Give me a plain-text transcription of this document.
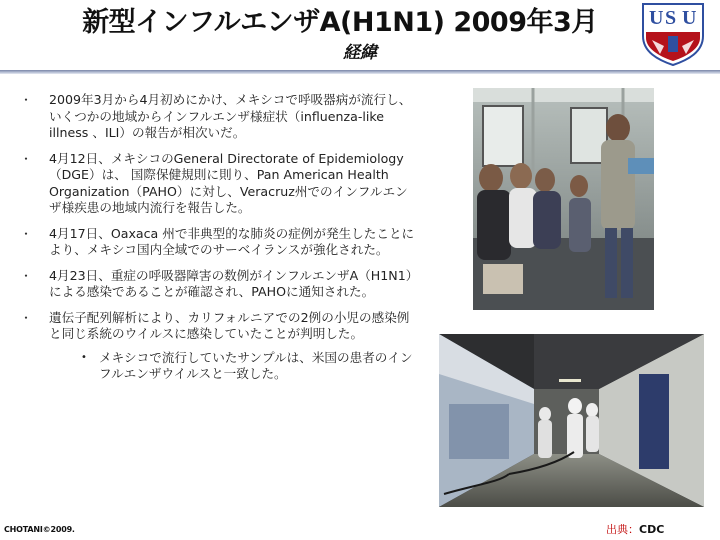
新型インフルエンザA(H1N1) 2009年3月
経緯
U S U
・ 2009年3月から4月初めにかけ、メキシコで呼吸器病が流行し、いくつかの地域からインフルエンザ様症状（influenza-like illness 、ILI）の報告が相次いだ。
・ 4月12日、メキシコのGeneral Directorate of Epidemiology（DGE）は、 国際保健規則に則り、Pan American Health Organization（PAHO）に対し、Veracruz州でのインフルエンザ様疾患の地域内流行を報告した。
・ 4月17日、Oaxaca 州で非典型的な肺炎の症例が発生したことにより、メキシコ国内全域でのサーベイランスが強化された。
・ 4月23日、重症の呼吸器障害の数例がインフルエンザA（H1N1）による感染であることが確認され、PAHOに通知された。
・ 遺伝子配列解析により、カリフォルニアでの2例の小児の感染例と同じ系統のウイルスに感染していたことが判明した。
• メキシコで流行していたサンプルは、米国の患者のインフルエンザウイルスと一致した。
CHOTANI©2009.	出典：CDC
